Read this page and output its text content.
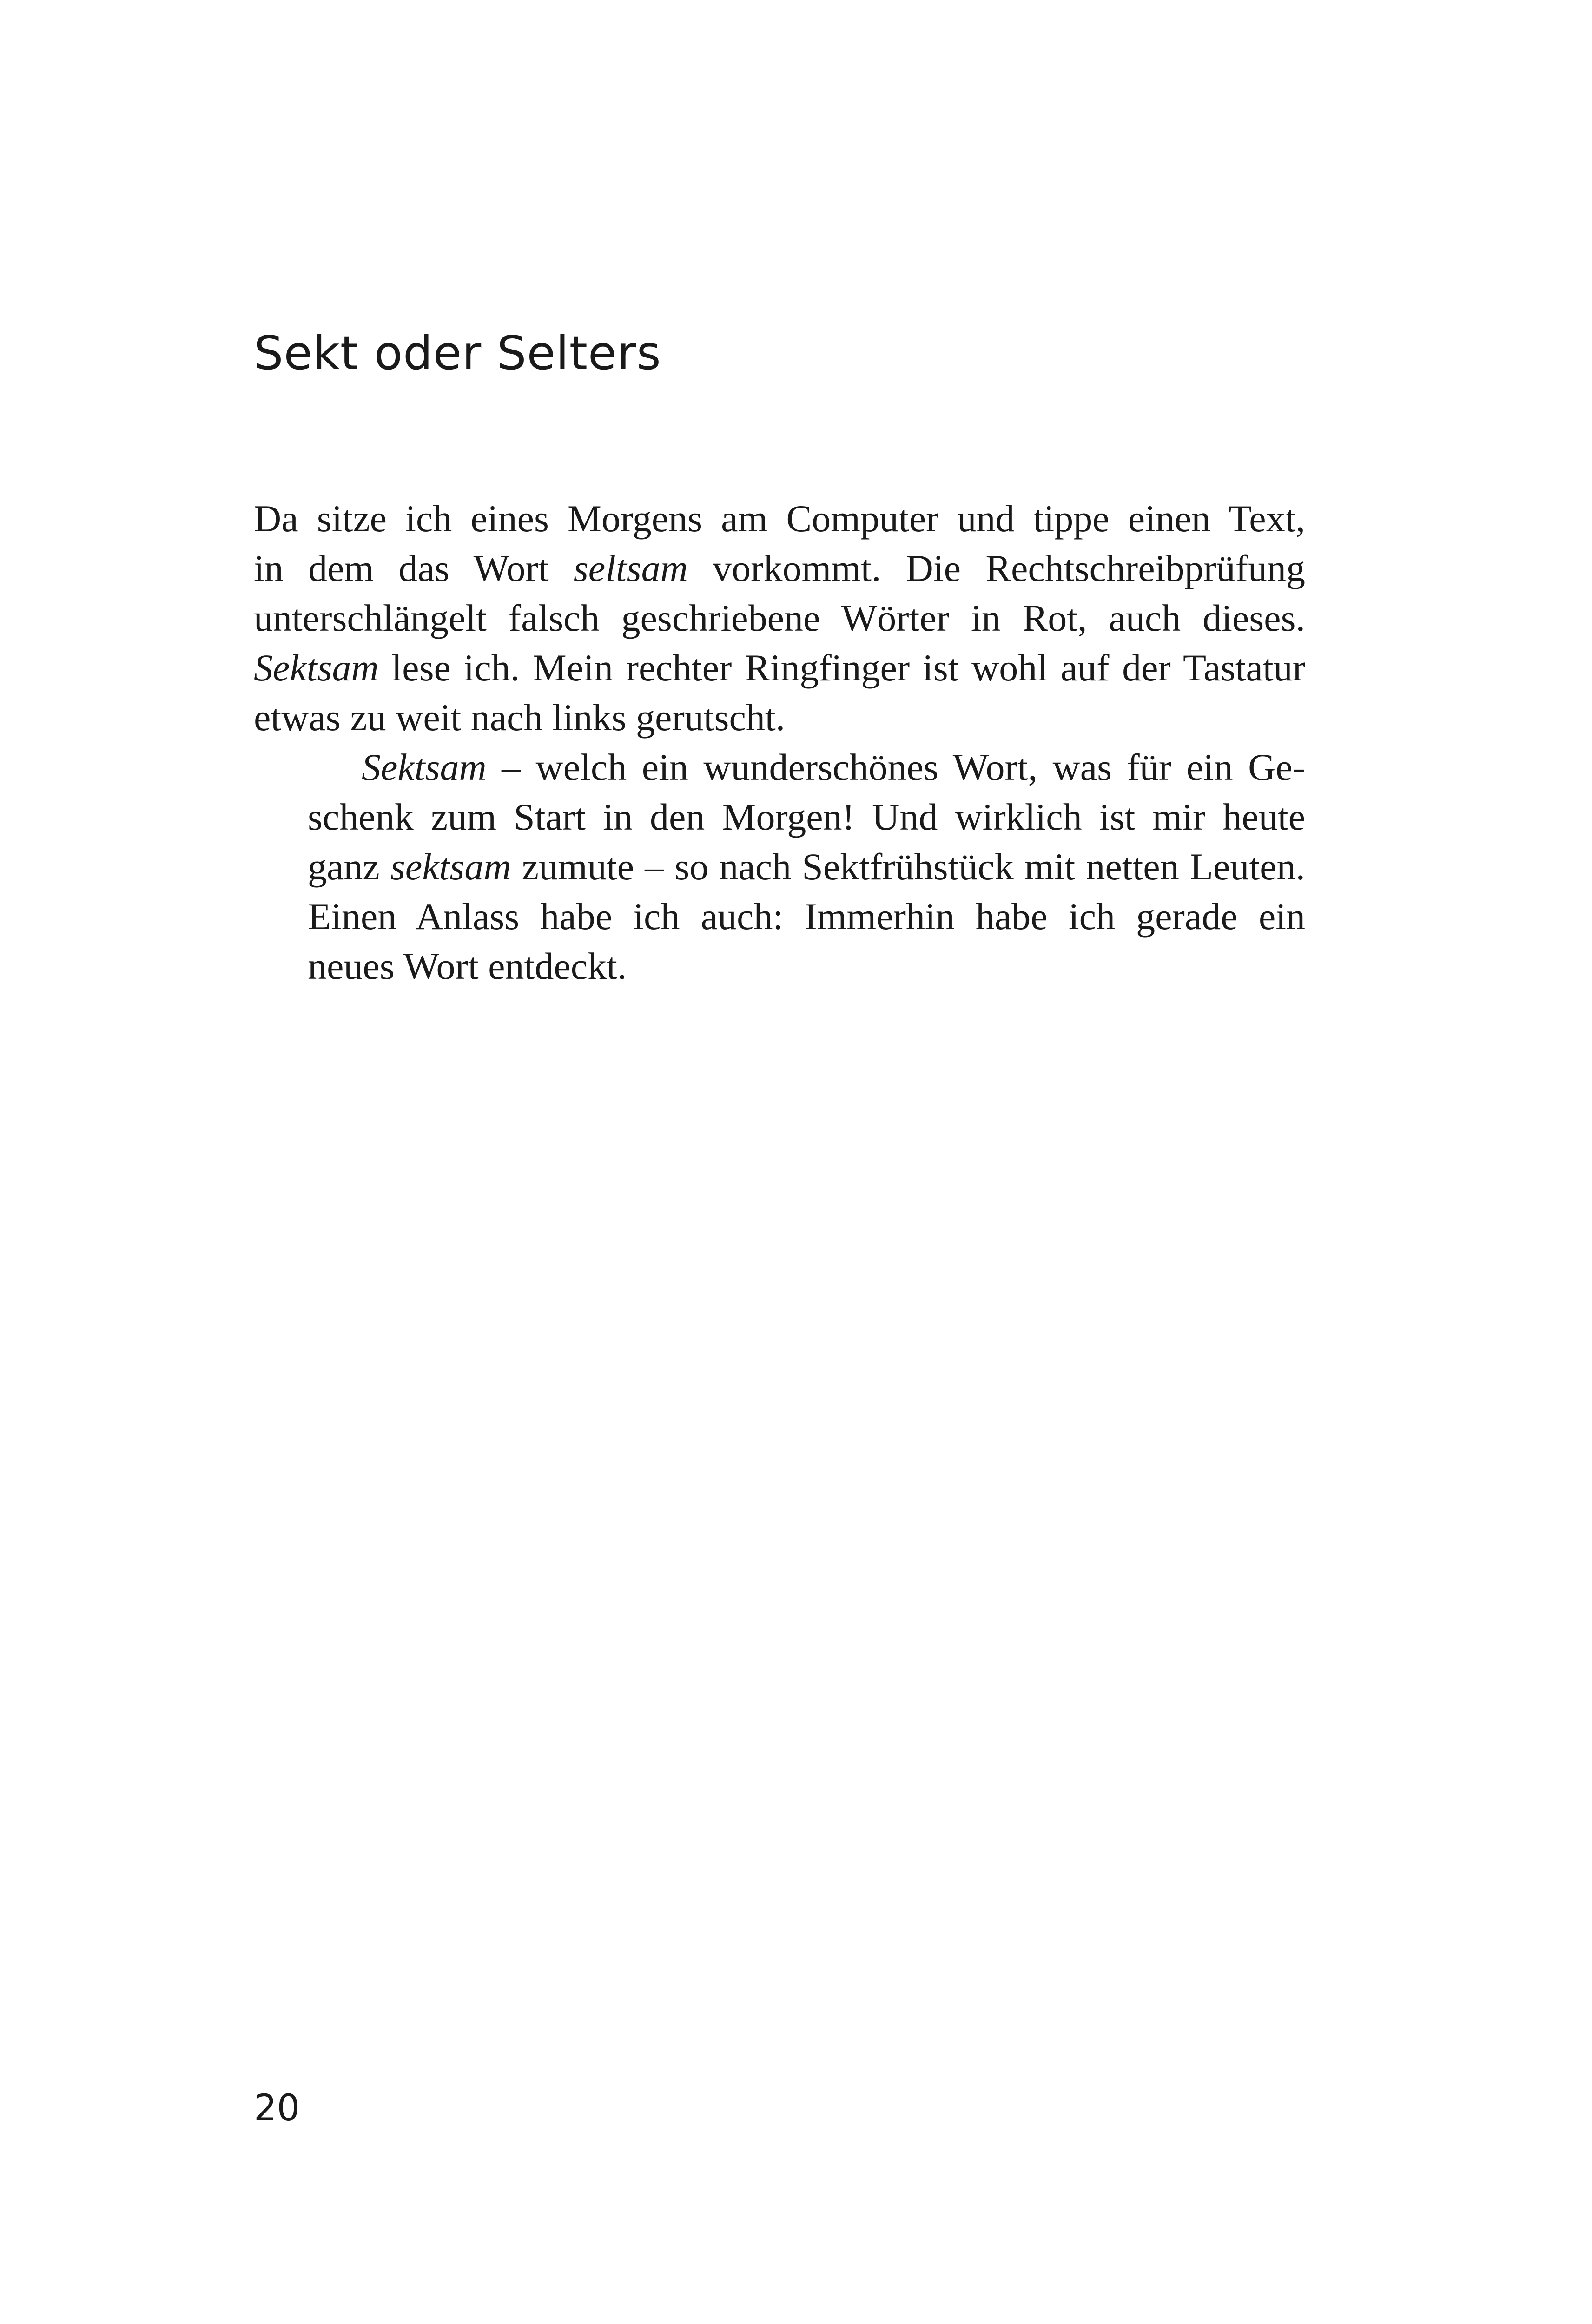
Sekt oder Selters

Da sitze ich eines Morgens am Computer und tippe einen Text,
in dem das Wort seltsam vorkommt. Die Rechtschreibprüfung
unterschlängelt falsch geschriebene Wörter in Rot, auch dieses.
Sektsam lese ich. Mein rechter Ringfinger ist wohl auf der Tastatur
etwas zu weit nach links gerutscht.

Sektsam – welch ein wunderschönes Wort, was für ein Ge-
schenk zum Start in den Morgen! Und wirklich ist mir heute
ganz sektsam zumute – so nach Sektfrühstück mit netten Leuten.
Einen Anlass habe ich auch: Immerhin habe ich gerade ein
neues Wort entdeckt.

20
